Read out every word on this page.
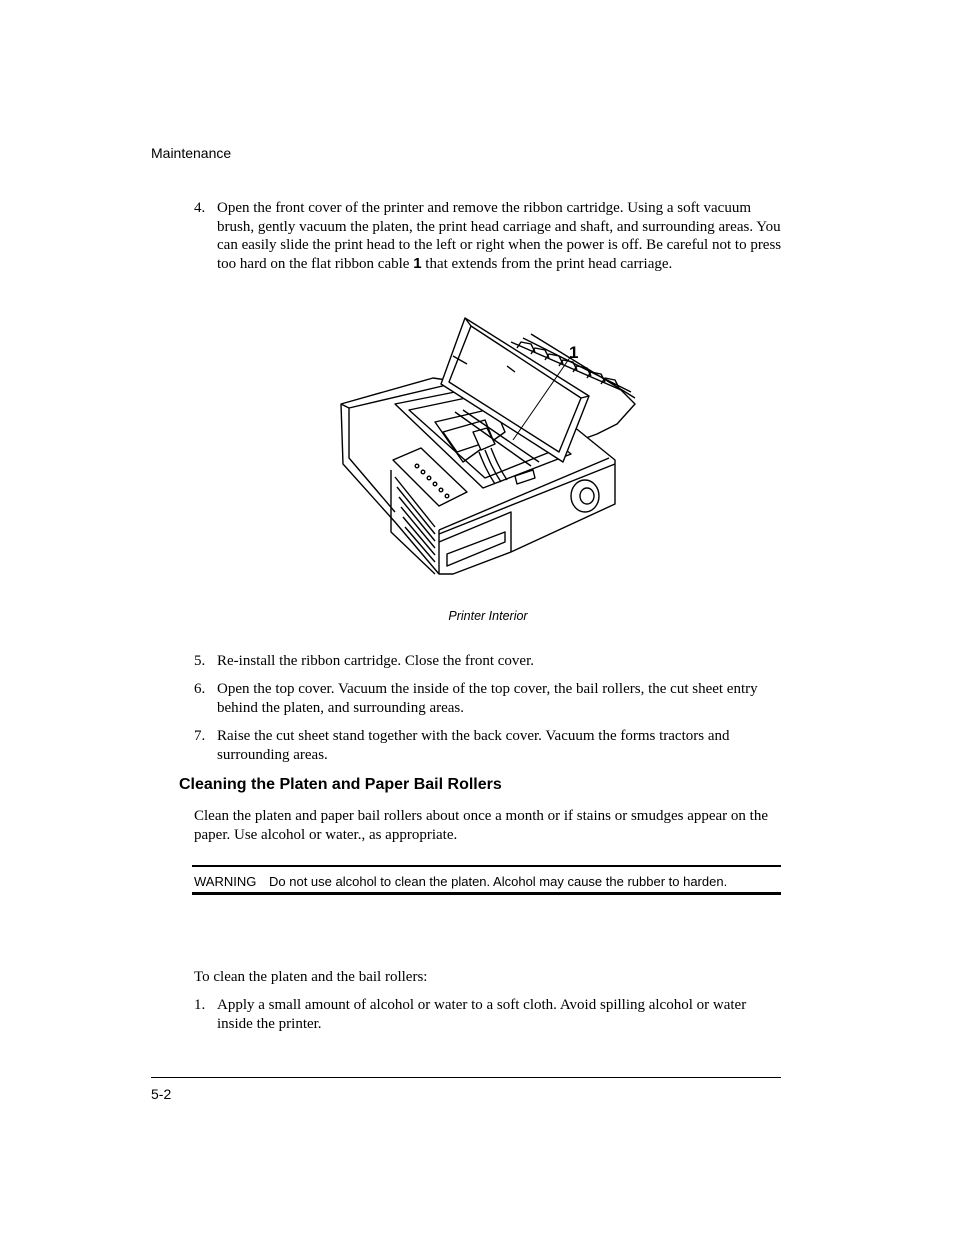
Maintenance
4. Open the front cover of the printer and remove the ribbon cartridge. Using a soft vacuum brush, gently vacuum the platen, the print head carriage and shaft, and surrounding areas. You can easily slide the print head to the left or right when the power is off. Be careful not to press too hard on the flat ribbon cable 1 that extends from the print head carriage.
1
Printer Interior
5. Re-install the ribbon cartridge. Close the front cover.
6. Open the top cover. Vacuum the inside of the top cover, the bail rollers, the cut sheet entry behind the platen, and surrounding areas.
7. Raise the cut sheet stand together with the back cover. Vacuum the forms tractors and surrounding areas.
Cleaning the Platen and Paper Bail Rollers
Clean the platen and paper bail rollers about once a month or if stains or smudges appear on the paper. Use alcohol or water., as appropriate.
WARNING Do not use alcohol to clean the platen. Alcohol may cause the rubber to harden.
To clean the platen and the bail rollers:
1. Apply a small amount of alcohol or water to a soft cloth. Avoid spilling alcohol or water inside the printer.
5-2
